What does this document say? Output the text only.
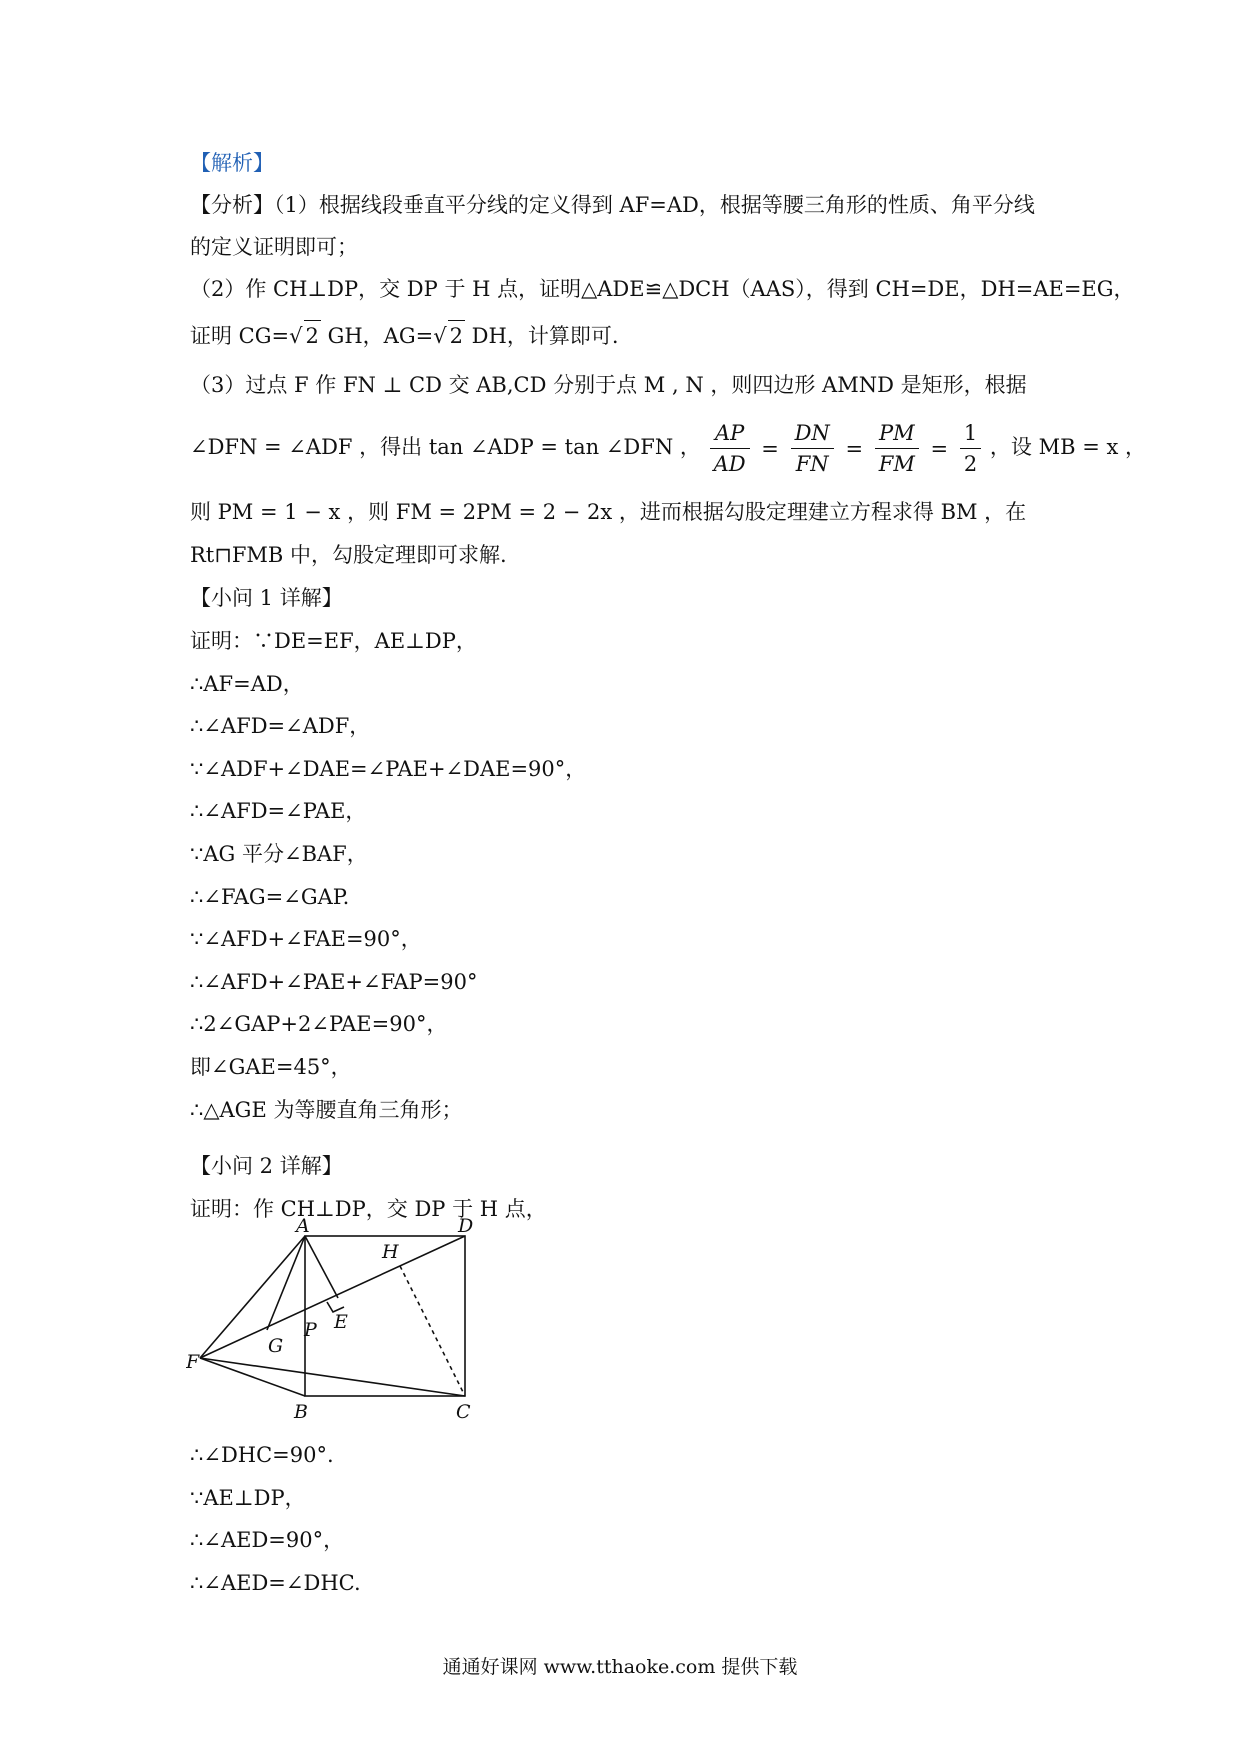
【解析】
【分析】（1）根据线段垂直平分线的定义得到 AF=AD，根据等腰三角形的性质、角平分线
的定义证明即可；
（2）作 CH⊥DP，交 DP 于 H 点，证明△ADE≌△DCH（AAS），得到 CH=DE，DH=AE=EG，
证明 CG=√ 2 GH，AG=√ 2 DH，计算即可.
（3）过点 F 作 FN ⊥ CD 交 AB,CD 分别于点 M , N ，则四边形 AMND 是矩形，根据
∠DFN = ∠ADF ，得出 tan ∠ADP = tan ∠DFN ， $\frac{AP}{AD} = \frac{DN}{FN} = \frac{PM}{FM} = \frac{1}{2}$ ，设 MB = x ，
则 PM = 1 − x ，则 FM = 2PM = 2 − 2x ，进而根据勾股定理建立方程求得 BM ，在
Rt⊓FMB 中，勾股定理即可求解.
【小问 1 详解】
证明：∵DE=EF，AE⊥DP，
∴AF=AD，
∴∠AFD=∠ADF，
∵∠ADF+∠DAE=∠PAE+∠DAE=90°，
∴∠AFD=∠PAE，
∵AG 平分∠BAF，
∴∠FAG=∠GAP.
∵∠AFD+∠FAE=90°，
∴∠AFD+∠PAE+∠FAP=90°
∴2∠GAP+2∠PAE=90°，
即∠GAE=45°，
∴△AGE 为等腰直角三角形；
【小问 2 详解】
证明：作 CH⊥DP，交 DP 于 H 点，
A	D
H
E
P
G
F
B	C
∴∠DHC=90°.
∵AE⊥DP，
∴∠AED=90°，
∴∠AED=∠DHC.
通通好课网 www.tthaoke.com 提供下载
